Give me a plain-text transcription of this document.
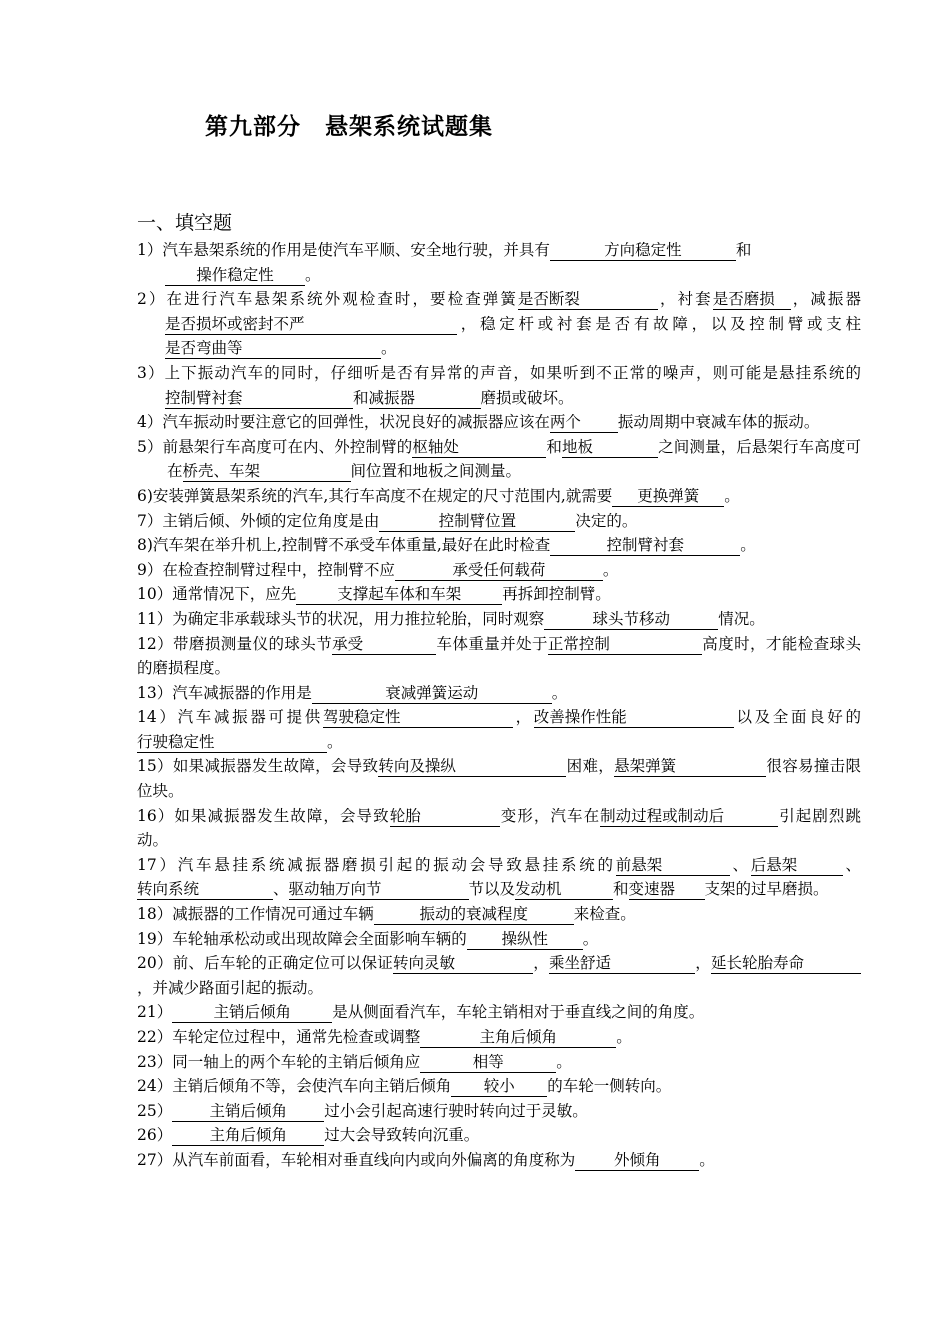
第九部分　悬架系统试题集
一、填空题

1）汽车悬架系统的作用是使汽车平顺、安全地行驶，并具有	方向稳定性	和操作稳定性 。

2）在进行汽车悬架系统外观检查时，要检查弹簧是否断裂	，衬套是否磨损 ，减振器是否损坏或密封不严	，稳定杆或衬套是否有故障，以及控制臂或支柱是否弯曲等	。

3）上下振动汽车的同时，仔细听是否有异常的声音，如果听到不正常的噪声，则可能是悬挂系统的控制臂衬套	和减振器	磨损或破坏。

4）汽车振动时要注意它的回弹性，状况良好的减振器应该在两个 振动周期中衰减车体的振动。

5）前悬架行车高度可在内、外控制臂的枢轴处	和地板	之间测量，后悬架行车高度可在桥壳、车架	间位置和地板之间测量。

6)安装弹簧悬架系统的汽车,其行车高度不在规定的尺寸范围内,就需要 更换弹簧 。

7）主销后倾、外倾的定位角度是由	控制臂位置	决定的。

8)汽车架在举升机上,控制臂不承受车体重量,最好在此时检查	控制臂衬套	。

9）在检查控制臂过程中，控制臂不应	承受任何载荷	。

10）通常情况下，应先	支撑起车体和车架	再拆卸控制臂。

11）为确定非承载球头节的状况，用力推拉轮胎，同时观察	球头节移动	情况。

12）带磨损测量仪的球头节承受	车体重量并处于正常控制	高度时，才能检查球头的磨损程度。

13）汽车减振器的作用是	衰减弹簧运动	。

14）汽车减振器可提供驾驶稳定性	，改善操作性能	以及全面良好的行驶稳定性	。

15）如果减振器发生故障，会导致转向及操纵	困难，悬架弹簧	很容易撞击限位块。

16）如果减振器发生故障，会导致轮胎	变形，汽车在制动过程或制动后	引起剧烈跳动。

17）汽车悬挂系统减振器磨损引起的振动会导致悬挂系统的前悬架	、后悬架	、转向系统	、驱动轴万向节	节以及发动机	和变速器 支架的过早磨损。

18）减振器的工作情况可通过车辆	振动的衰减程度	来检查。

19）车轮轴承松动或出现故障会全面影响车辆的 操纵性 。

20）前、后车轮的正确定位可以保证转向灵敏	，乘坐舒适	，延长轮胎寿命，并减少路面引起的振动。

21）	主销后倾角	是从侧面看汽车，车轮主销相对于垂直线之间的角度。

22）车轮定位过程中，通常先检查或调整	主角后倾角	。

23）同一轴上的两个车轮的主销后倾角应	相等	。

24）主销后倾角不等，会使汽车向主销后倾角 较小 的车轮一侧转向。

25） 主销后倾角 过小会引起高速行驶时转向过于灵敏。

26） 主角后倾角 过大会导致转向沉重。

27）从汽车前面看，车轮相对垂直线向内或向外偏离的角度称为 外倾角	。
